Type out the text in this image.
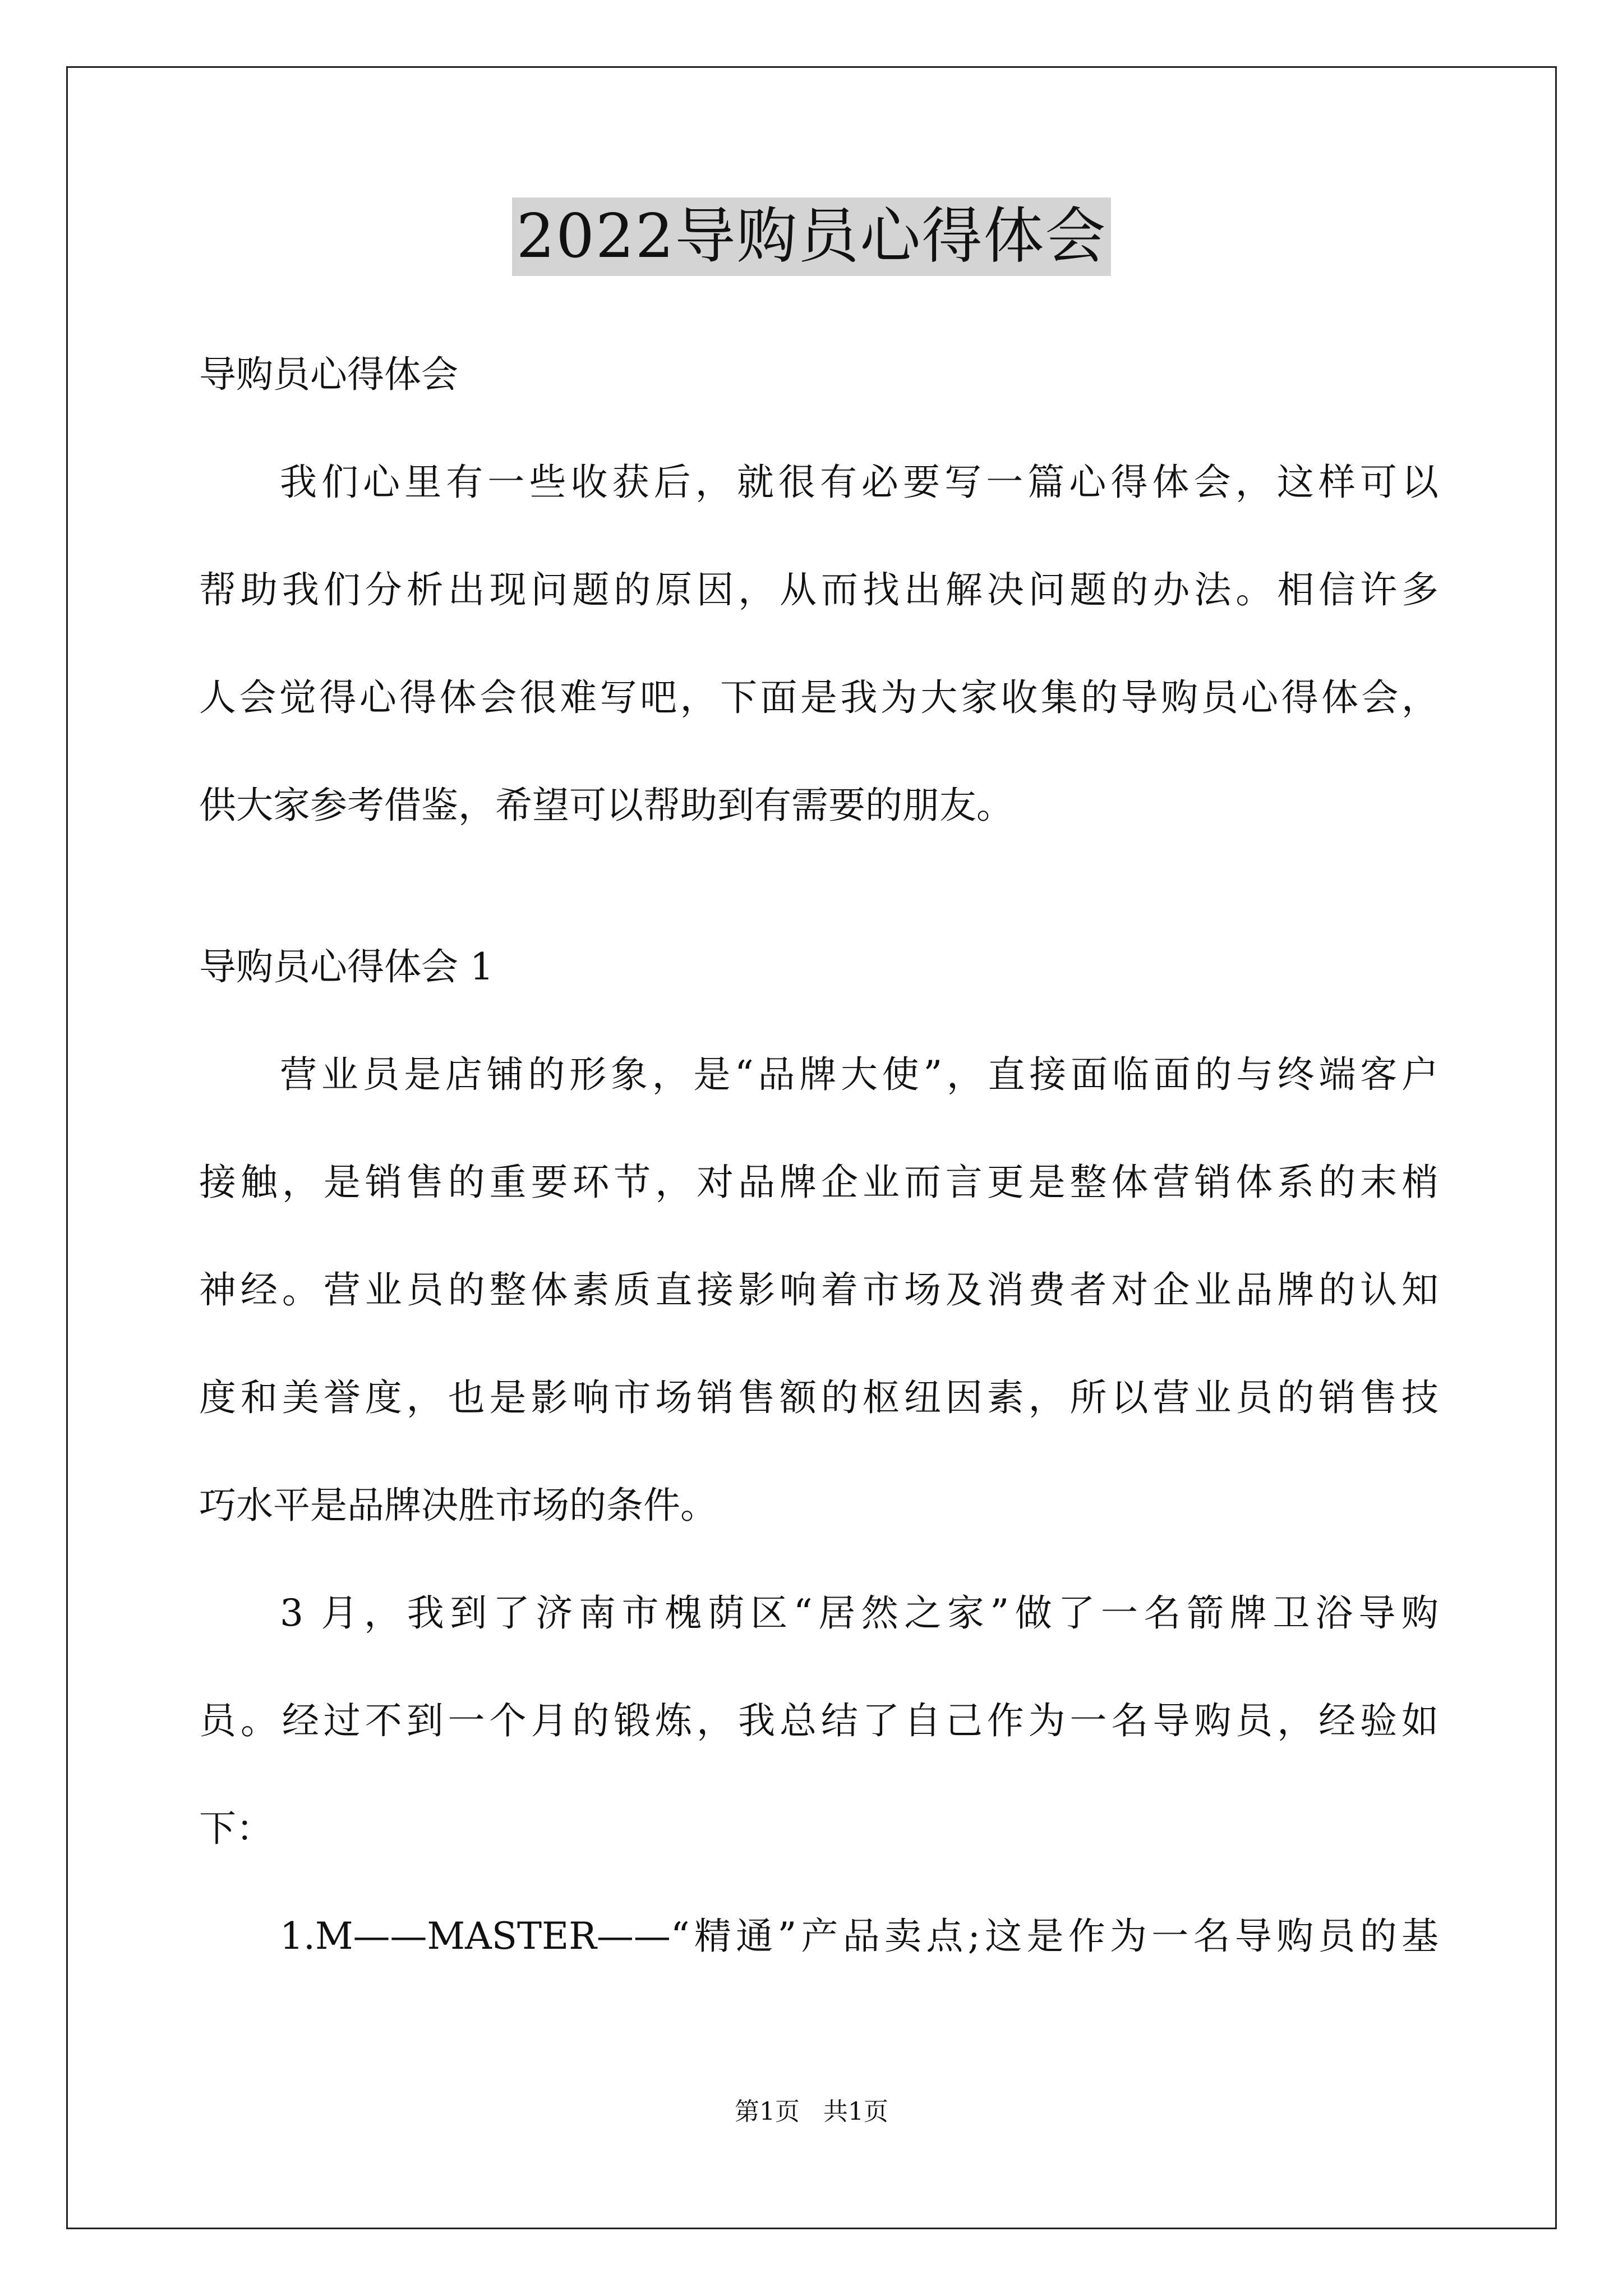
2022导购员心得体会
导购员心得体会
我们心里有一些收获后，就很有必要写一篇心得体会，这样可以
帮助我们分析出现问题的原因，从而找出解决问题的办法。相信许多
人会觉得心得体会很难写吧，下面是我为大家收集的导购员心得体会，
供大家参考借鉴，希望可以帮助到有需要的朋友。
导购员心得体会 1
营业员是店铺的形象，是“品牌大使”，直接面临面的与终端客户
接触，是销售的重要环节，对品牌企业而言更是整体营销体系的末梢
神经。营业员的整体素质直接影响着市场及消费者对企业品牌的认知
度和美誉度，也是影响市场销售额的枢纽因素，所以营业员的销售技
巧水平是品牌决胜市场的条件。
3 月，我到了济南市槐荫区“居然之家”做了一名箭牌卫浴导购
员。经过不到一个月的锻炼，我总结了自己作为一名导购员，经验如
下：
1.M——MASTER——“精通”产品卖点;这是作为一名导购员的基
第1页 共1页
